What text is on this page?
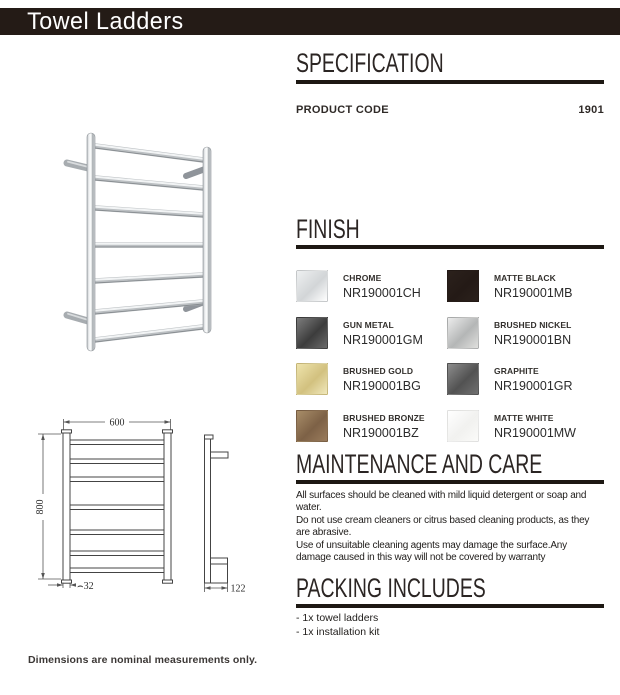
Towel Ladders
600
800
⌢32	122
SPECIFICATION
PRODUCT CODE	1901
FINISH
CHROME
NR190001CH
MATTE BLACK
NR190001MB
GUN METAL
NR190001GM
BRUSHED NICKEL
NR190001BN
BRUSHED GOLD
NR190001BG
GRAPHITE
NR190001GR
BRUSHED BRONZE
NR190001BZ
MATTE WHITE
NR190001MW
MAINTENANCE AND CARE

All surfaces should be cleaned with mild liquid detergent or soap and water.

Do not use cream cleaners or citrus based cleaning products, as they are abrasive.

Use of unsuitable cleaning agents may damage the surface.Any damage caused in this way will not be covered by warranty

PACKING INCLUDES
- 1x towel ladders
- 1x installation kit
Dimensions are nominal measurements only.
